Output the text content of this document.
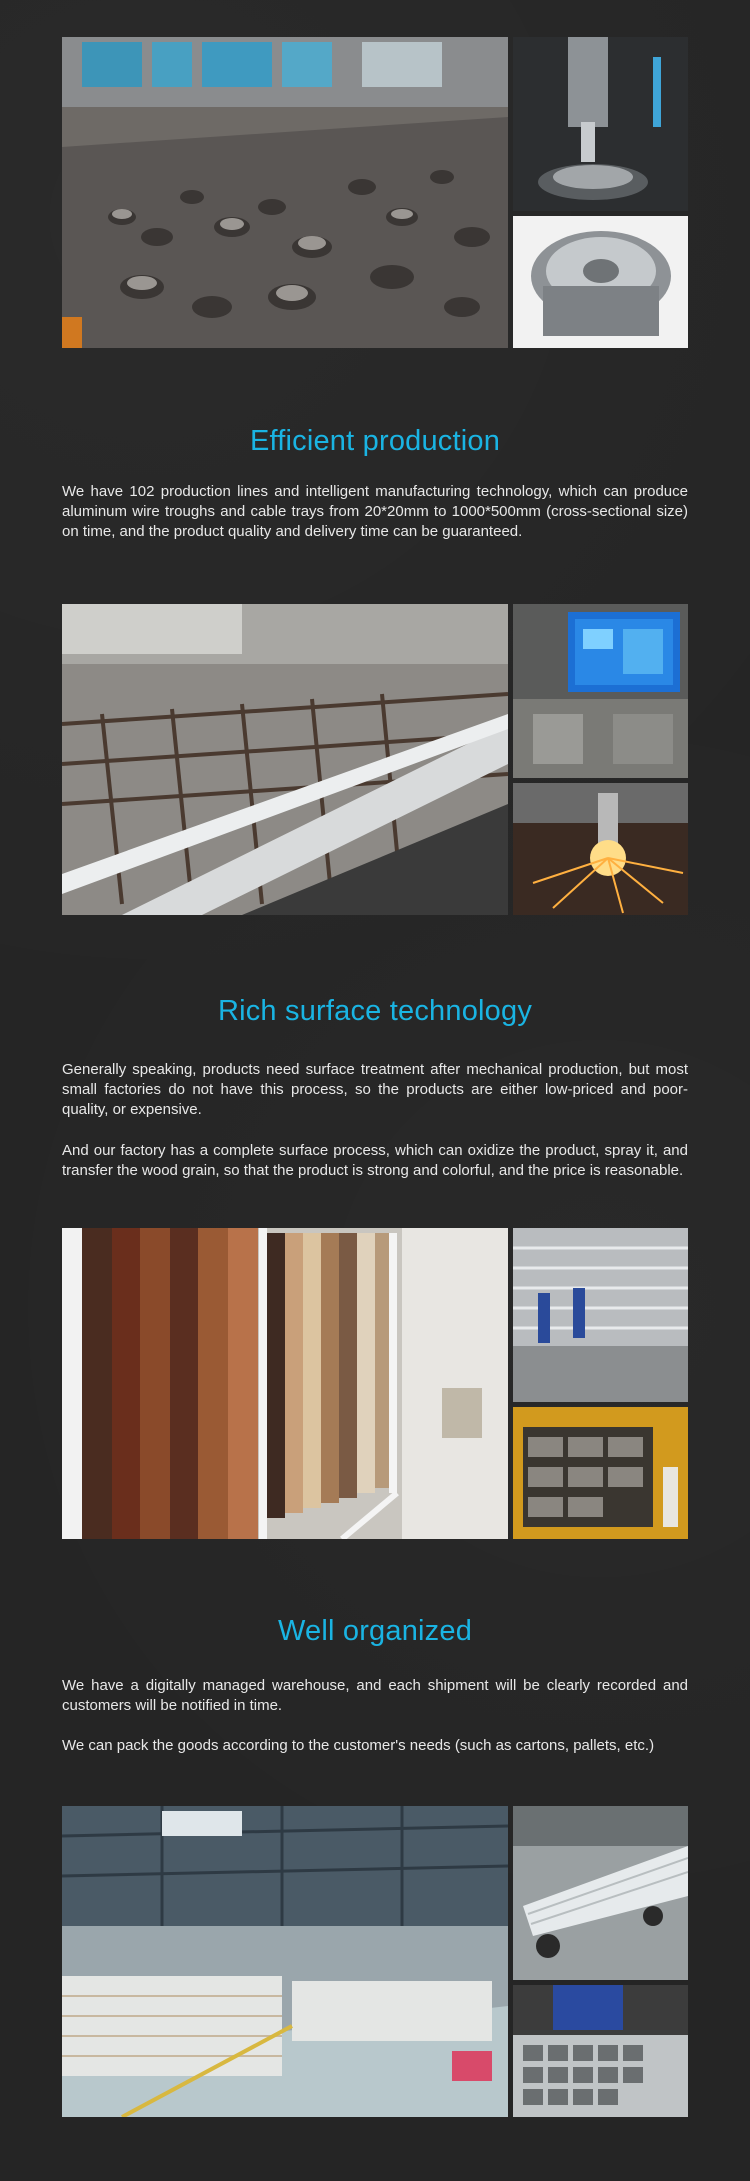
Efficient production

We have 102 production lines and intelligent manufacturing technology, which can produce aluminum wire troughs and cable trays from 20*20mm to 1000*500mm (cross-sectional size) on time, and the product quality and delivery time can be guaranteed.

Rich surface technology

Generally speaking, products need surface treatment after mechanical production, but most small factories do not have this process, so the products are either low-priced and poor-quality, or expensive.

And our factory has a complete surface process, which can oxidize the product, spray it, and transfer the wood grain, so that the product is strong and colorful, and the price is reasonable.

Well organized

We have a digitally managed warehouse, and each shipment will be clearly recorded and customers will be notified in time.

We can pack the goods according to the customer's needs (such as cartons, pallets, etc.)
